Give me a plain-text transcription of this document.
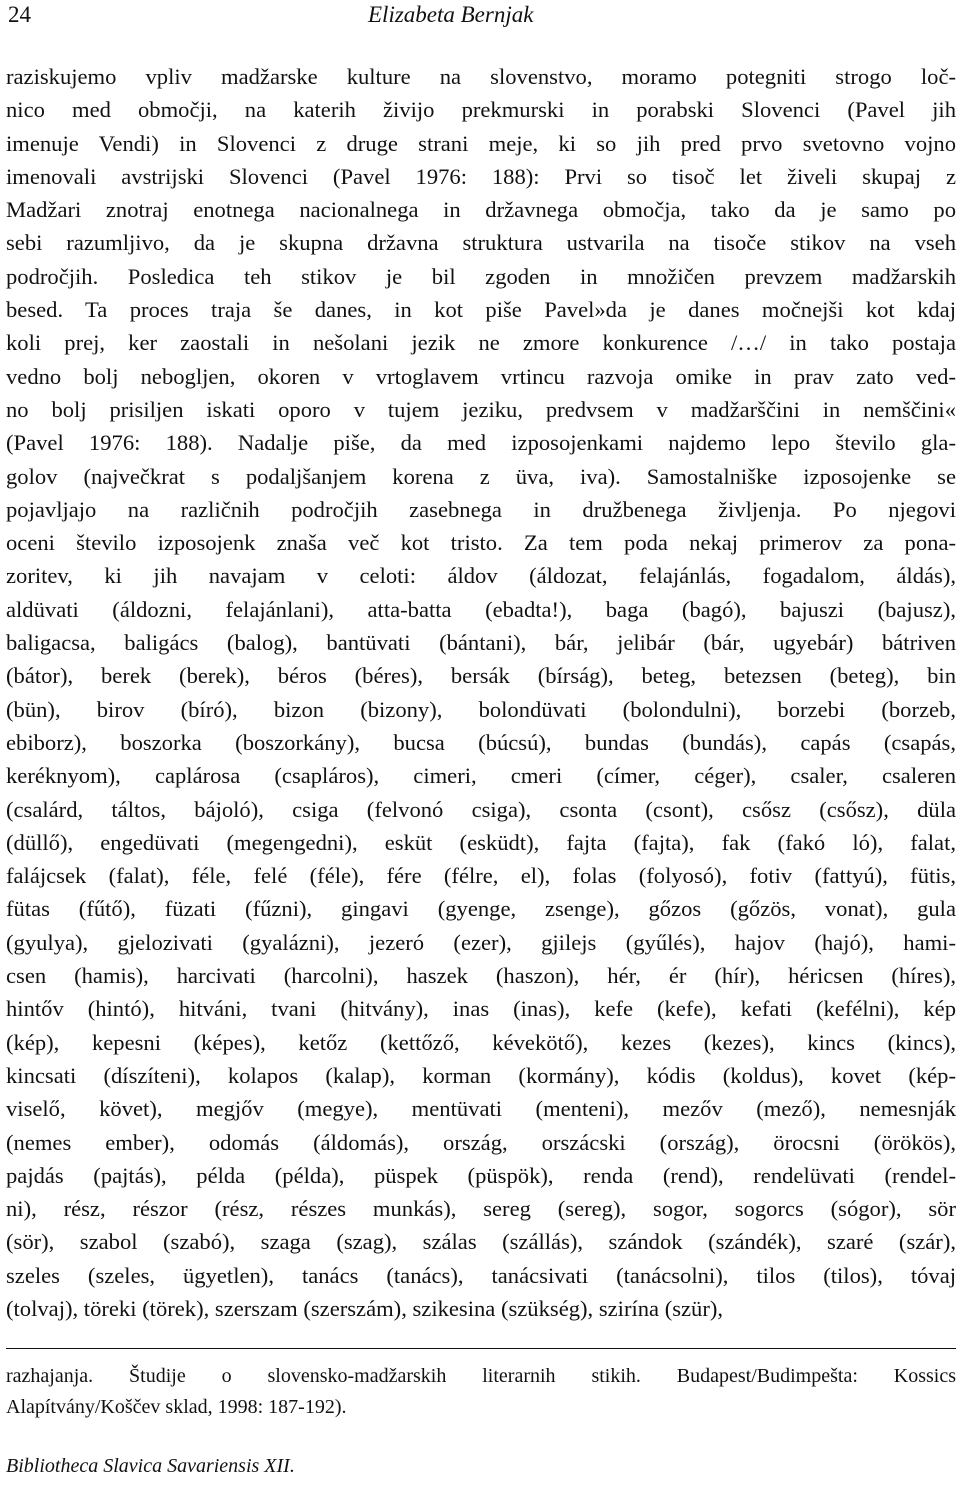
24	Elizabeta Bernjak
raziskujemo vpliv madžarske kulture na slovenstvo, moramo potegniti strogo loč-
nico med območji, na katerih živijo prekmurski in porabski Slovenci (Pavel jih
imenuje Vendi) in Slovenci z druge strani meje, ki so jih pred prvo svetovno vojno
imenovali avstrijski Slovenci (Pavel 1976: 188): Prvi so tisoč let živeli skupaj z
Madžari znotraj enotnega nacionalnega in državnega območja, tako da je samo po
sebi razumljivo, da je skupna državna struktura ustvarila na tisoče stikov na vseh
področjih. Posledica teh stikov je bil zgoden in množičen prevzem madžarskih
besed. Ta proces traja še danes, in kot piše Pavel»da je danes močnejši kot kdaj
koli prej, ker zaostali in nešolani jezik ne zmore konkurence /…/ in tako postaja
vedno bolj nebogljen, okoren v vrtoglavem vrtincu razvoja omike in prav zato ved-
no bolj prisiljen iskati oporo v tujem jeziku, predvsem v madžarščini in nemščini«
(Pavel 1976: 188). Nadalje piše, da med izposojenkami najdemo lepo število gla-
golov (največkrat s podaljšanjem korena z üva, iva). Samostalniške izposojenke se
pojavljajo na različnih področjih zasebnega in družbenega življenja. Po njegovi
oceni število izposojenk znaša več kot tristo. Za tem poda nekaj primerov za pona-
zoritev, ki jih navajam v celoti: áldov (áldozat, felajánlás, fogadalom, áldás),
aldüvati (áldozni, felajánlani), atta-batta (ebadta!), baga (bagó), bajuszi (bajusz),
baligacsa, baligács (balog), bantüvati (bántani), bár, jelibár (bár, ugyebár) bátriven
(bátor), berek (berek), béros (béres), bersák (bírság), beteg, betezsen (beteg), bin
(bün), birov (bíró), bizon (bizony), bolondüvati (bolondulni), borzebi (borzeb,
ebiborz), boszorka (boszorkány), bucsa (búcsú), bundas (bundás), capás (csapás,
keréknyom), caplárosa (csapláros), cimeri, cmeri (címer, céger), csaler, csaleren
(csalárd, táltos, bájoló), csiga (felvonó csiga), csonta (csont), csősz (csősz), düla
(düllő), engedüvati (megengedni), esküt (esküdt), fajta (fajta), fak (fakó ló), falat,
falájcsek (falat), féle, felé (féle), fére (félre, el), folas (folyosó), fotiv (fattyú), fütis,
fütas (fűtő), füzati (fűzni), gingavi (gyenge, zsenge), gőzos (gőzös, vonat), gula
(gyulya), gjelozivati (gyalázni), jezeró (ezer), gjilejs (gyűlés), hajov (hajó), hami-
csen (hamis), harcivati (harcolni), haszek (haszon), hér, ér (hír), héricsen (híres),
hintőv (hintó), hitváni, tvani (hitvány), inas (inas), kefe (kefe), kefati (kefélni), kép
(kép), kepesni (képes), ketőz (kettőző, kévekötő), kezes (kezes), kincs (kincs),
kincsati (díszíteni), kolapos (kalap), korman (kormány), kódis (koldus), kovet (kép-
viselő, követ), megjőv (megye), mentüvati (menteni), mezőv (mező), nemesnják
(nemes ember), odomás (áldomás), ország, orszácski (ország), örocsni (örökös),
pajdás (pajtás), példa (példa), püspek (püspök), renda (rend), rendelüvati (rendel-
ni), rész, részor (rész, részes munkás), sereg (sereg), sogor, sogorcs (sógor), sör
(sör), szabol (szabó), szaga (szag), szálas (szállás), szándok (szándék), szaré (szár),
szeles (szeles, ügyetlen), tanács (tanács), tanácsivati (tanácsolni), tilos (tilos), tóvaj
(tolvaj), töreki (törek), szerszam (szerszám), szikesina (szükség), szirína (szür),
razhajanja. Študije o slovensko-madžarskih literarnih stikih. Budapest/Budimpešta: Kossics
Alapítvány/Koščev sklad, 1998: 187-192).
Bibliotheca Slavica Savariensis XII.
